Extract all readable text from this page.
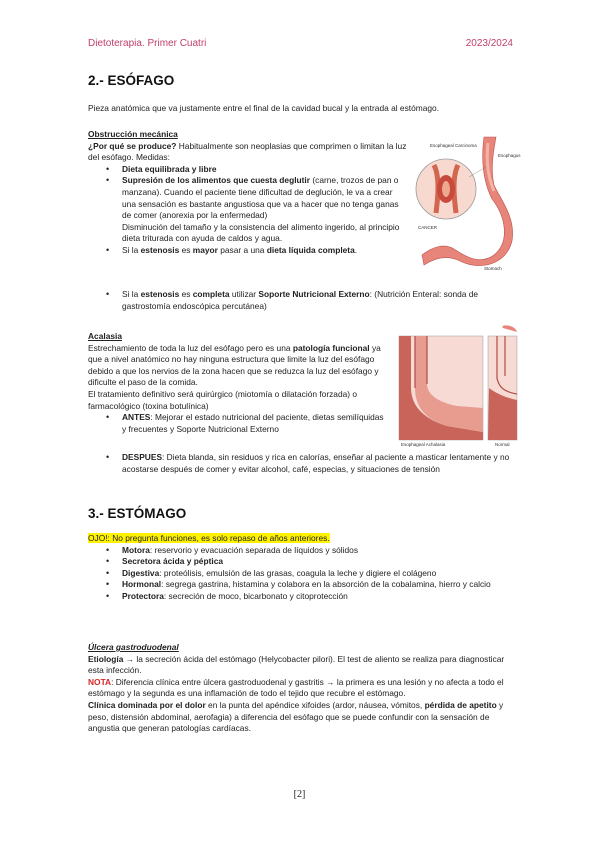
Dietoterapia. Primer Cuatri	2023/2024
2.- ESÓFAGO
Pieza anatómica que va justamente entre el final de la cavidad bucal y la entrada al estómago.
Obstrucción mecánica
¿Por qué se produce? Habitualmente son neoplasias que comprimen o limitan la luz del esófago. Medidas:
• Dieta equilibrada y libre
• Supresión de los alimentos que cuesta deglutir (carne, trozos de pan o manzana). Cuando el paciente tiene dificultad de deglución, le va a crear una sensación es bastante angustiosa que va a hacer que no tenga ganas de comer (anorexia por la enfermedad)
Disminución del tamaño y la consistencia del alimento ingerido, al principio dieta triturada con ayuda de caldos y agua.
• Si la estenosis es mayor pasar a una dieta líquida completa.
• Si la estenosis es completa utilizar Soporte Nutricional Externo: (Nutrición Enteral: sonda de gastrostomía endoscópica percutánea)
Esophageal Carcinoma
Esophagus
CANCER
Stomach
Acalasia
Estrechamiento de toda la luz del esófago pero es una patología funcional ya que a nivel anatómico no hay ninguna estructura que limite la luz del esófago debido a que los nervios de la zona hacen que se reduzca la luz del esófago y dificulte el paso de la comida.
El tratamiento definitivo será quirúrgico (miotomía o dilatación forzada) o farmacológico (toxina botulínica)
• ANTES: Mejorar el estado nutricional del paciente, dietas semilíquidas y frecuentes y Soporte Nutricional Externo
• DESPUES: Dieta blanda, sin residuos y rica en calorías, enseñar al paciente a masticar lentamente y no acostarse después de comer y evitar alcohol, café, especias, y situaciones de tensión
Esophageal Achalasia	Normal
3.- ESTÓMAGO
OJO!: No pregunta funciones, es solo repaso de años anteriores.
• Motora: reservorio y evacuación separada de líquidos y sólidos
• Secretora ácida y péptica
• Digestiva: proteólisis, emulsión de las grasas, coagula la leche y digiere el colágeno
• Hormonal: segrega gastrina, histamina y colabora en la absorción de la cobalamina, hierro y calcio
• Protectora: secreción de moco, bicarbonato y citoprotección
Úlcera gastroduodenal
Etiología → la secreción ácida del estómago (Helycobacter pilori). El test de aliento se realiza para diagnosticar esta infección.
NOTA: Diferencia clínica entre úlcera gastroduodenal y gastritis → la primera es una lesión y no afecta a todo el estómago y la segunda es una inflamación de todo el tejido que recubre el estómago.
Clínica dominada por el dolor en la punta del apéndice xifoides (ardor, náusea, vómitos, pérdida de apetito y peso, distensión abdominal, aerofagia) a diferencia del esófago que se puede confundir con la sensación de angustia que generan patologías cardíacas.
[2]
